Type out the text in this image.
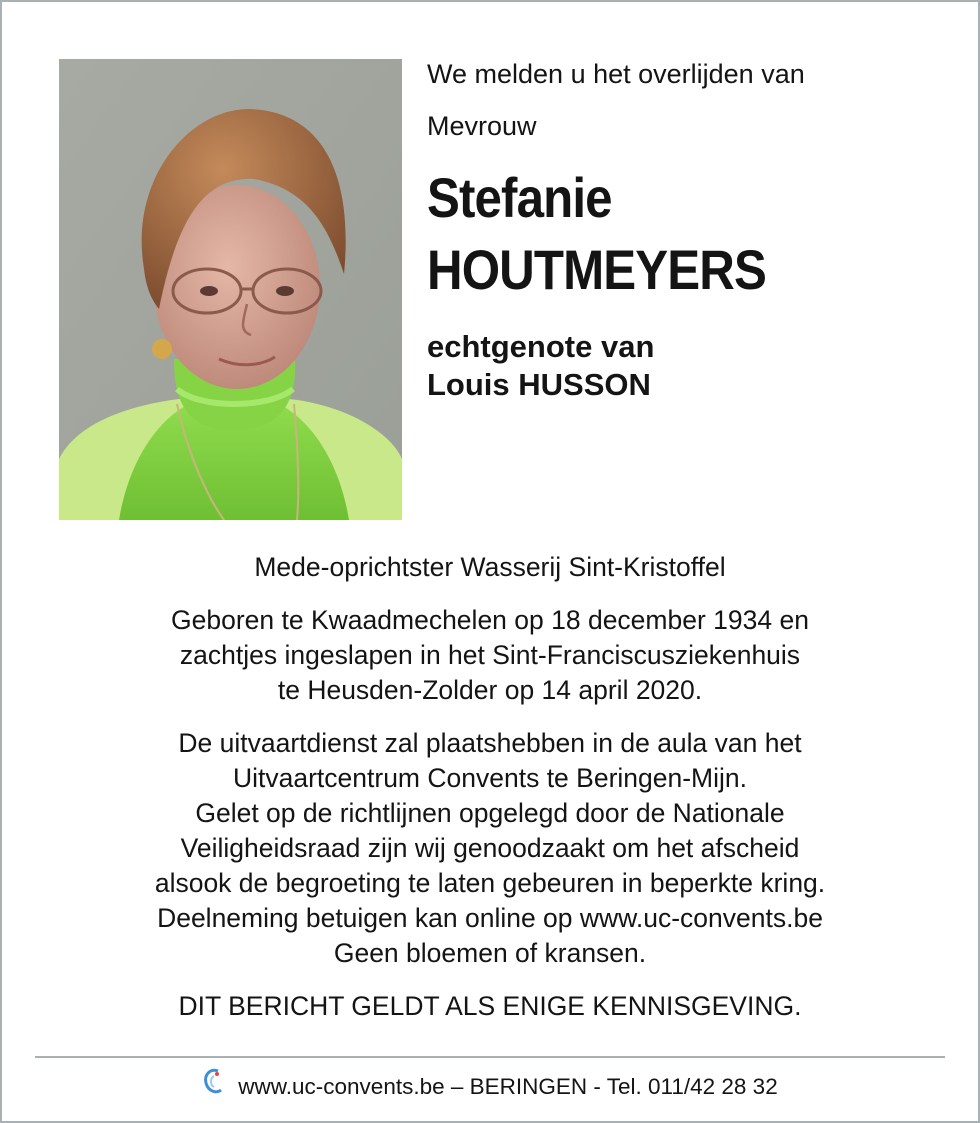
We melden u het overlijden van

Mevrouw

Stefanie
HOUTMEYERS
echtgenote van
Louis HUSSON

Mede-oprichtster Wasserij Sint-Kristoffel

Geboren te Kwaadmechelen op 18 december 1934 en
zachtjes ingeslapen in het Sint-Franciscusziekenhuis
te Heusden-Zolder op 14 april 2020.

De uitvaartdienst zal plaatshebben in de aula van het
Uitvaartcentrum Convents te Beringen-Mijn.
Gelet op de richtlijnen opgelegd door de Nationale
Veiligheidsraad zijn wij genoodzaakt om het afscheid
alsook de begroeting te laten gebeuren in beperkte kring.
Deelneming betuigen kan online op www.uc-convents.be
Geen bloemen of kransen.

DIT BERICHT GELDT ALS ENIGE KENNISGEVING.

www.uc-convents.be – BERINGEN - Tel. 011/42 28 32
